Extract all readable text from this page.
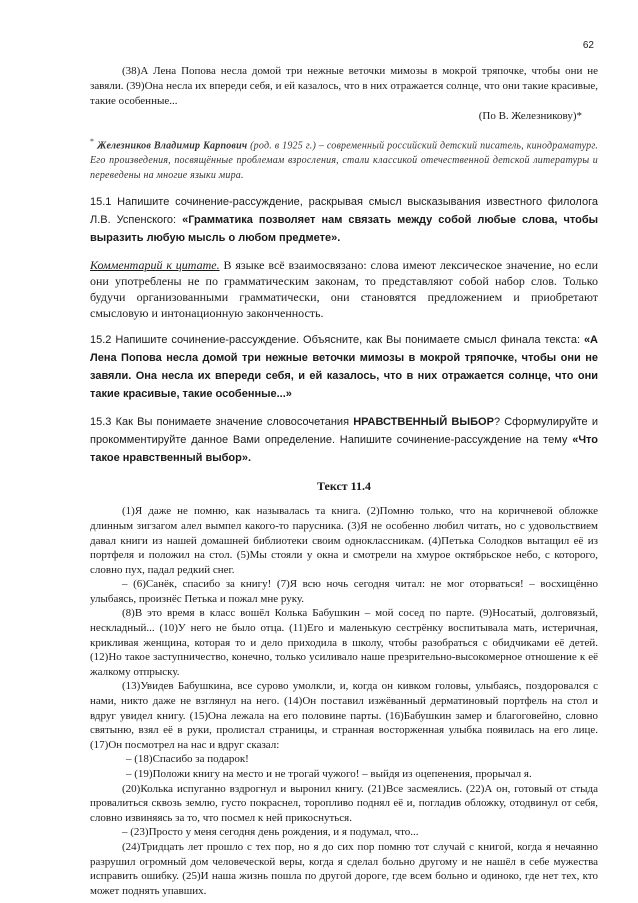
62

(38)А Лена Попова несла домой три нежные веточки мимозы в мокрой тряпочке, чтобы они не завяли. (39)Она несла их впереди себя, и ей казалось, что в них отражается солнце, что они такие красивые, такие особенные...

(По В. Железникову)*

* Железников Владимир Карпович (род. в 1925 г.) – современный российский детский писатель, кинодраматург. Его произведения, посвящённые проблемам взросления, стали классикой отечественной детской литературы и переведены на многие языки мира.

15.1 Напишите сочинение-рассуждение, раскрывая смысл высказывания известного филолога Л.В. Успенского: «Грамматика позволяет нам связать между собой любые слова, чтобы выразить любую мысль о любом предмете».

Комментарий к цитате. В языке всё взаимосвязано: слова имеют лексическое значение, но если они употреблены не по грамматическим законам, то представляют собой набор слов. Только будучи организованными грамматически, они становятся предложением и приобретают смысловую и интонационную законченность.

15.2 Напишите сочинение-рассуждение. Объясните, как Вы понимаете смысл финала текста: «А Лена Попова несла домой три нежные веточки мимозы в мокрой тряпочке, чтобы они не завяли. Она несла их впереди себя, и ей казалось, что в них отражается солнце, что они такие красивые, такие особенные...»

15.3 Как Вы понимаете значение словосочетания НРАВСТВЕННЫЙ ВЫБОР? Сформулируйте и прокомментируйте данное Вами определение. Напишите сочинение-рассуждение на тему «Что такое нравственный выбор».

Текст 11.4

(1)Я даже не помню, как называлась та книга. (2)Помню только, что на коричневой обложке длинным зигзагом алел вымпел какого-то парусника. (3)Я не особенно любил читать, но с удовольствием давал книги из нашей домашней библиотеки своим одноклассникам. (4)Петька Солодков вытащил её из портфеля и положил на стол. (5)Мы стояли у окна и смотрели на хмурое октябрьское небо, с которого, словно пух, падал редкий снег.

– (6)Санёк, спасибо за книгу! (7)Я всю ночь сегодня читал: не мог оторваться! – восхищённо улыбаясь, произнёс Петька и пожал мне руку.

(8)В это время в класс вошёл Колька Бабушкин – мой сосед по парте. (9)Носатый, долговязый, нескладный... (10)У него не было отца. (11)Его и маленькую сестрёнку воспитывала мать, истеричная, крикливая женщина, которая то и дело приходила в школу, чтобы разобраться с обидчиками её детей. (12)Но такое заступничество, конечно, только усиливало наше презрительно-высокомерное отношение к её жалкому отпрыску.

(13)Увидев Бабушкина, все сурово умолкли, и, когда он кивком головы, улыбаясь, поздоровался с нами, никто даже не взглянул на него. (14)Он поставил изжёванный дерматиновый портфель на стол и вдруг увидел книгу. (15)Она лежала на его половине парты. (16)Бабушкин замер и благоговейно, словно святыню, взял её в руки, пролистал страницы, и странная восторженная улыбка появилась на его лице. (17)Он посмотрел на нас и вдруг сказал:

– (18)Спасибо за подарок!

– (19)Положи книгу на место и не трогай чужого! – выйдя из оцепенения, прорычал я.

(20)Колька испуганно вздрогнул и выронил книгу. (21)Все засмеялись. (22)А он, готовый от стыда провалиться сквозь землю, густо покраснел, торопливо поднял её и, погладив обложку, отодвинул от себя, словно извиняясь за то, что посмел к ней прикоснуться.

– (23)Просто у меня сегодня день рождения, и я подумал, что...

(24)Тридцать лет прошло с тех пор, но я до сих пор помню тот случай с книгой, когда я нечаянно разрушил огромный дом человеческой веры, когда я сделал больно другому и не нашёл в себе мужества исправить ошибку. (25)И наша жизнь пошла по другой дороге, где всем больно и одиноко, где нет тех, кто может поднять упавших.
